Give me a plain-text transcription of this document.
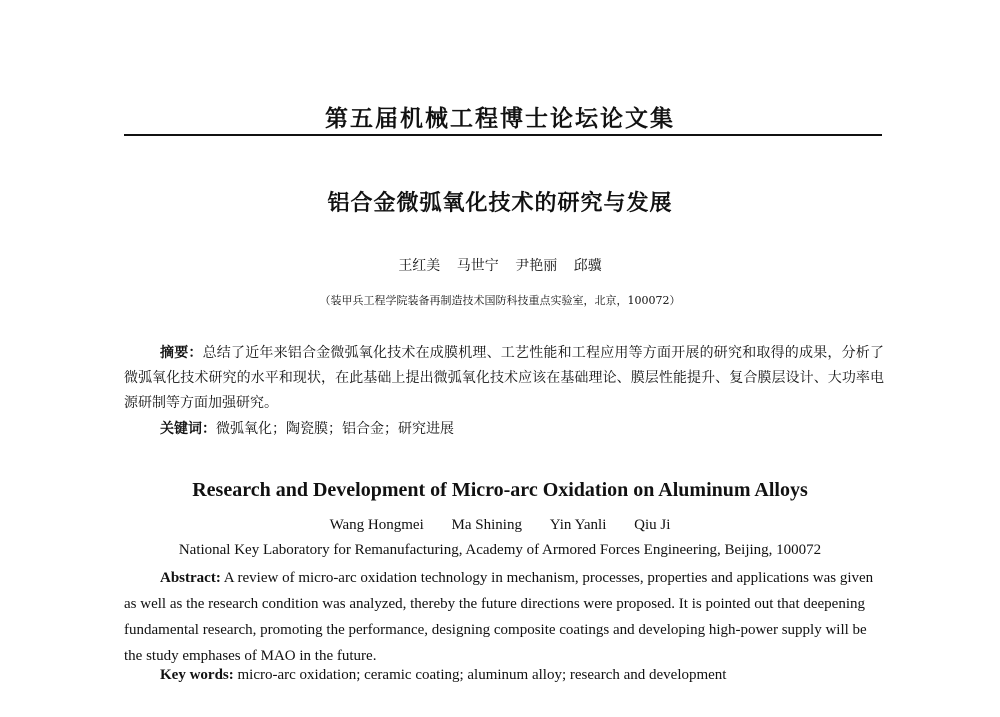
第五届机械工程博士论坛论文集
铝合金微弧氧化技术的研究与发展
王红美 马世宁 尹艳丽 邱骥
（装甲兵工程学院装备再制造技术国防科技重点实验室，北京，100072）
摘要：总结了近年来铝合金微弧氧化技术在成膜机理、工艺性能和工程应用等方面开展的研究和取得的成果，分析了微弧氧化技术研究的水平和现状，在此基础上提出微弧氧化技术应该在基础理论、膜层性能提升、复合膜层设计、大功率电源研制等方面加强研究。
关键词：微弧氧化；陶瓷膜；铝合金；研究进展
Research and Development of Micro-arc Oxidation on Aluminum Alloys
Wang Hongmei Ma Shining Yin Yanli Qiu Ji
National Key Laboratory for Remanufacturing, Academy of Armored Forces Engineering, Beijing, 100072
Abstract: A review of micro-arc oxidation technology in mechanism, processes, properties and applications was given as well as the research condition was analyzed, thereby the future directions were proposed. It is pointed out that deepening fundamental research, promoting the performance, designing composite coatings and developing high-power supply will be the study emphases of MAO in the future.
Key words: micro-arc oxidation; ceramic coating; aluminum alloy; research and development
